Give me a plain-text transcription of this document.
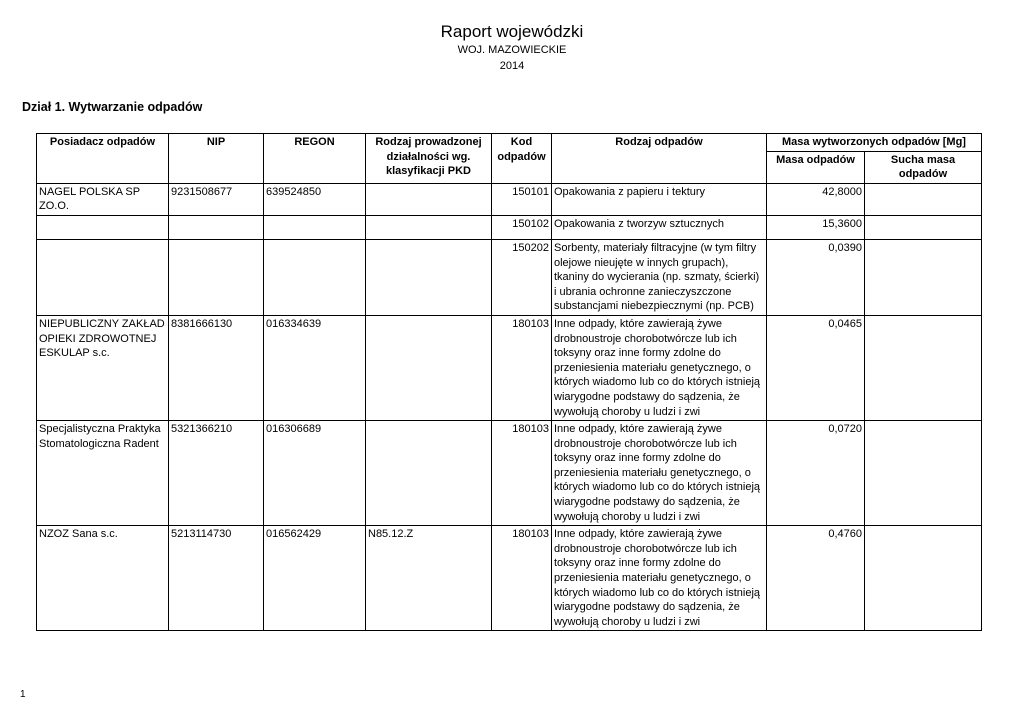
Raport wojewódzki
WOJ. MAZOWIECKIE
2014
Dział 1. Wytwarzanie odpadów
Posiadacz odpadów	NIP	REGON	Rodzaj prowadzonej działalności wg. klasyfikacji PKD	Kod odpadów	Rodzaj odpadów	Masa wytworzonych odpadów [Mg]	
						Masa odpadów	Sucha masa odpadów
NAGEL POLSKA SP ZO.O.	9231508677	639524850		150101	Opakowania z papieru i tektury	42,8000	
				150102	Opakowania z tworzyw sztucznych	15,3600	
				150202	Sorbenty, materiały filtracyjne (w tym filtry olejowe nieujęte w innych grupach), tkaniny do wycierania (np. szmaty, ścierki) i ubrania ochronne zanieczyszczone substancjami niebezpiecznymi (np. PCB)	0,0390	
NIEPUBLICZNY ZAKŁAD OPIEKI ZDROWOTNEJ ESKULAP s.c.	8381666130	016334639		180103	Inne odpady, które zawierają żywe drobnoustroje chorobotwórcze lub ich toksyny oraz inne formy zdolne do przeniesienia materiału genetycznego, o których wiadomo lub co do których istnieją wiarygodne podstawy do sądzenia, że wywołują choroby u ludzi i zwi	0,0465	
Specjalistyczna Praktyka Stomatologiczna Radent	5321366210	016306689		180103	Inne odpady, które zawierają żywe drobnoustroje chorobotwórcze lub ich toksyny oraz inne formy zdolne do przeniesienia materiału genetycznego, o których wiadomo lub co do których istnieją wiarygodne podstawy do sądzenia, że wywołują choroby u ludzi i zwi	0,0720	
NZOZ Sana s.c.	5213114730	016562429	N85.12.Z	180103	Inne odpady, które zawierają żywe drobnoustroje chorobotwórcze lub ich toksyny oraz inne formy zdolne do przeniesienia materiału genetycznego, o których wiadomo lub co do których istnieją wiarygodne podstawy do sądzenia, że wywołują choroby u ludzi i zwi	0,4760	
1
